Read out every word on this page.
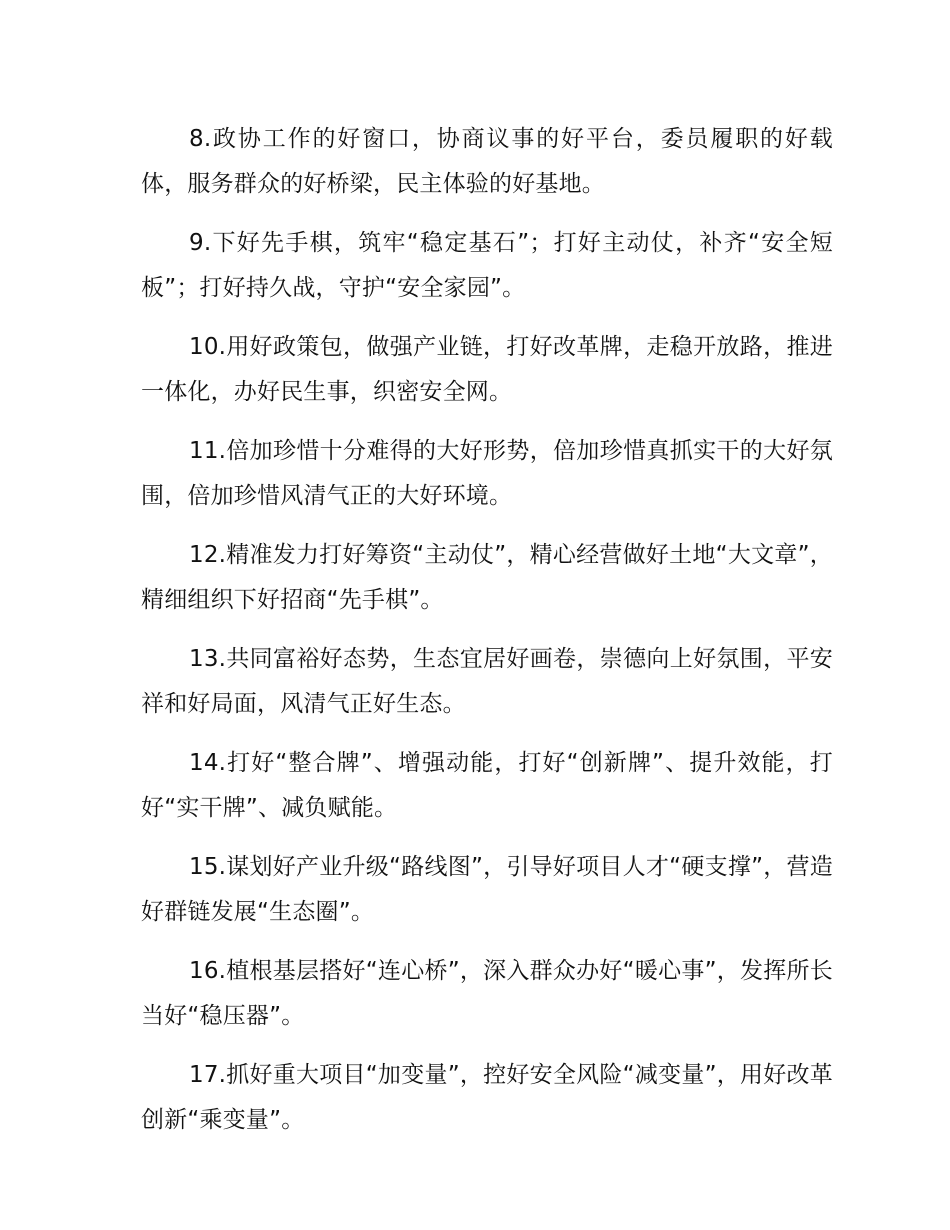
8.政协工作的好窗口，协商议事的好平台，委员履职的好载体，服务群众的好桥梁，民主体验的好基地。

9.下好先手棋，筑牢“稳定基石”；打好主动仗，补齐“安全短板”；打好持久战，守护“安全家园”。

10.用好政策包，做强产业链，打好改革牌，走稳开放路，推进一体化，办好民生事，织密安全网。

11.倍加珍惜十分难得的大好形势，倍加珍惜真抓实干的大好氛围，倍加珍惜风清气正的大好环境。

12.精准发力打好筹资“主动仗”，精心经营做好土地“大文章”，精细组织下好招商“先手棋”。

13.共同富裕好态势，生态宜居好画卷，崇德向上好氛围，平安祥和好局面，风清气正好生态。

14.打好“整合牌”、增强动能，打好“创新牌”、提升效能，打好“实干牌”、减负赋能。

15.谋划好产业升级“路线图”，引导好项目人才“硬支撑”，营造好群链发展“生态圈”。

16.植根基层搭好“连心桥”，深入群众办好“暖心事”，发挥所长当好“稳压器”。

17.抓好重大项目“加变量”，控好安全风险“减变量”，用好改革创新“乘变量”。
